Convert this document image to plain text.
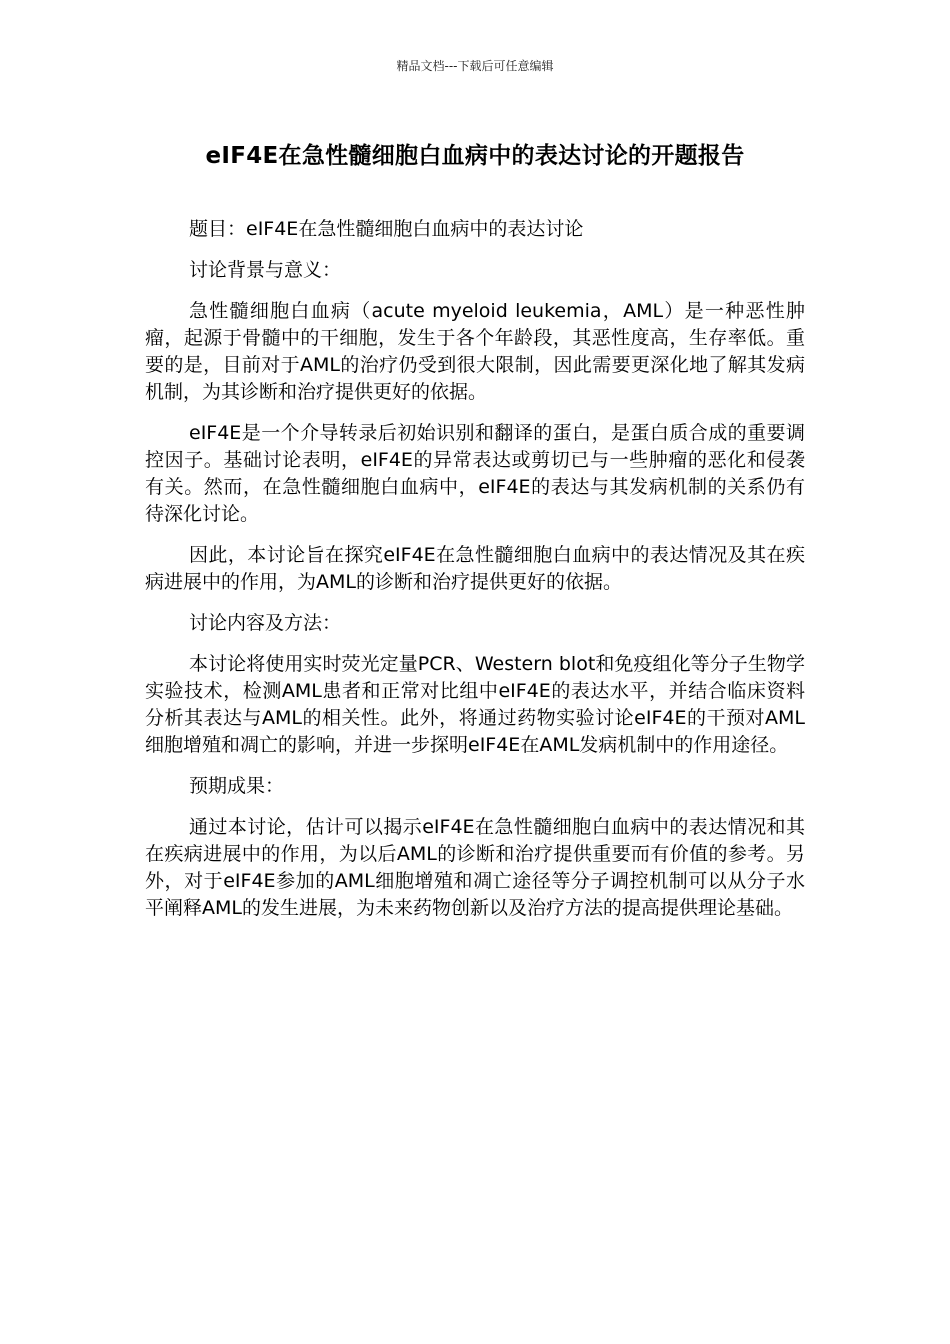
精品文档---下载后可任意编辑
eIF4E在急性髓细胞白血病中的表达讨论的开题报告

题目：eIF4E在急性髓细胞白血病中的表达讨论

讨论背景与意义：

急性髓细胞白血病（acute myeloid leukemia，AML）是一种恶性肿瘤，起源于骨髓中的干细胞，发生于各个年龄段，其恶性度高，生存率低。重要的是，目前对于AML的治疗仍受到很大限制，因此需要更深化地了解其发病机制，为其诊断和治疗提供更好的依据。

eIF4E是一个介导转录后初始识别和翻译的蛋白，是蛋白质合成的重要调控因子。基础讨论表明，eIF4E的异常表达或剪切已与一些肿瘤的恶化和侵袭有关。然而，在急性髓细胞白血病中，eIF4E的表达与其发病机制的关系仍有待深化讨论。

因此，本讨论旨在探究eIF4E在急性髓细胞白血病中的表达情况及其在疾病进展中的作用，为AML的诊断和治疗提供更好的依据。

讨论内容及方法：

本讨论将使用实时荧光定量PCR、Western blot和免疫组化等分子生物学实验技术，检测AML患者和正常对比组中eIF4E的表达水平，并结合临床资料分析其表达与AML的相关性。此外，将通过药物实验讨论eIF4E的干预对AML细胞增殖和凋亡的影响，并进一步探明eIF4E在AML发病机制中的作用途径。

预期成果：

通过本讨论，估计可以揭示eIF4E在急性髓细胞白血病中的表达情况和其在疾病进展中的作用，为以后AML的诊断和治疗提供重要而有价值的参考。另外，对于eIF4E参加的AML细胞增殖和凋亡途径等分子调控机制可以从分子水平阐释AML的发生进展，为未来药物创新以及治疗方法的提高提供理论基础。
